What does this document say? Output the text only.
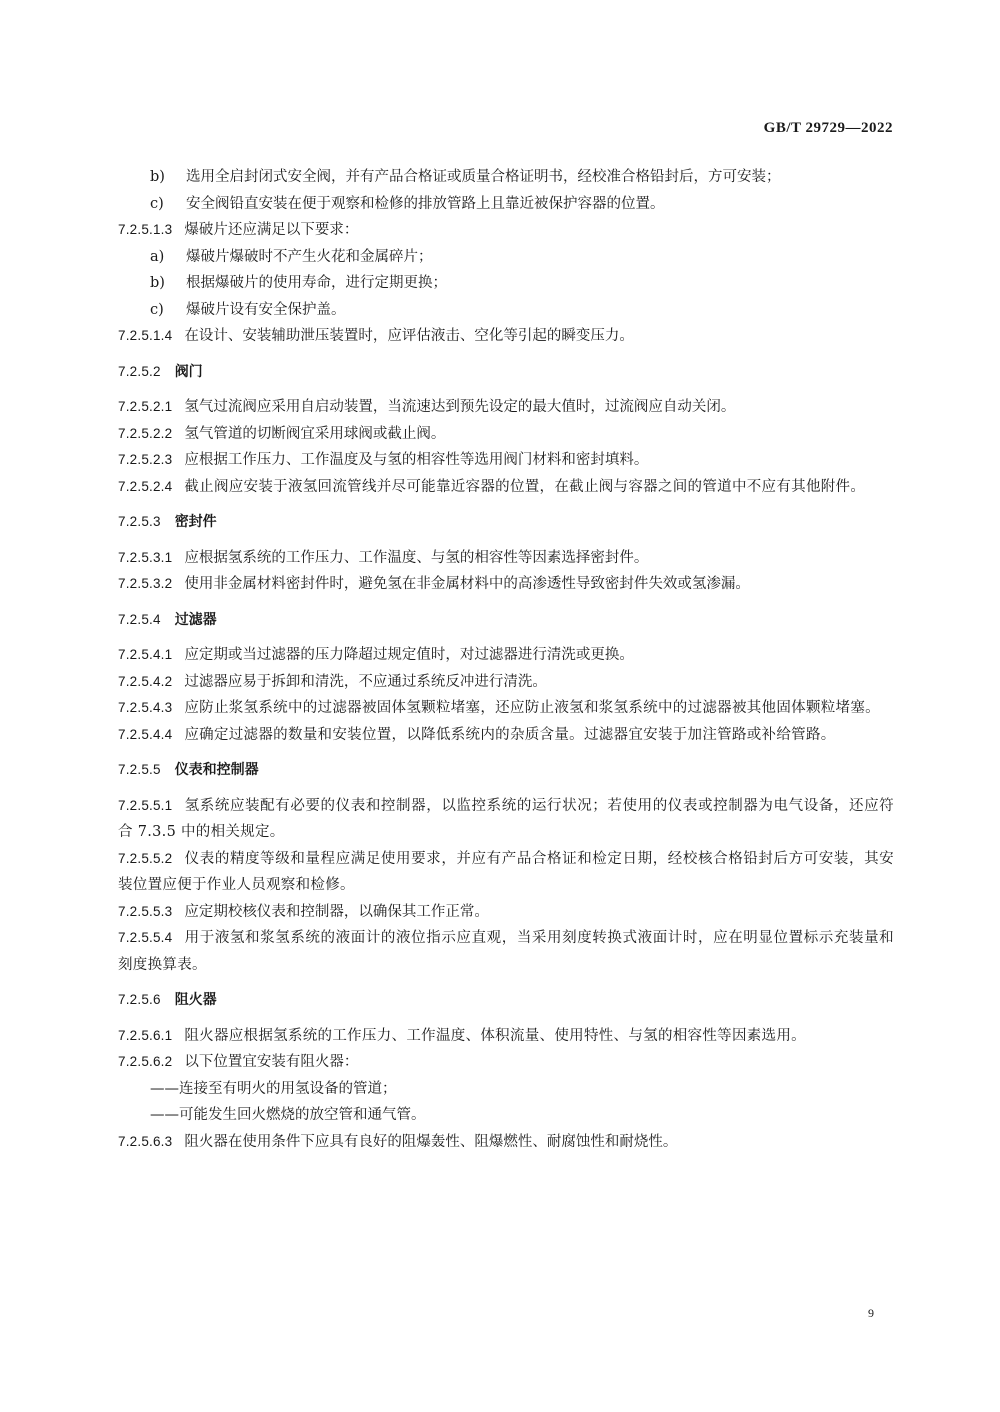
GB/T 29729—2022
b) 选用全启封闭式安全阀，并有产品合格证或质量合格证明书，经校准合格铅封后，方可安装；
c) 安全阀铅直安装在便于观察和检修的排放管路上且靠近被保护容器的位置。
7.2.5.1.3 爆破片还应满足以下要求：
a) 爆破片爆破时不产生火花和金属碎片；
b) 根据爆破片的使用寿命，进行定期更换；
c) 爆破片设有安全保护盖。
7.2.5.1.4 在设计、安装辅助泄压装置时，应评估液击、空化等引起的瞬变压力。
7.2.5.2 阀门
7.2.5.2.1 氢气过流阀应采用自启动装置，当流速达到预先设定的最大值时，过流阀应自动关闭。
7.2.5.2.2 氢气管道的切断阀宜采用球阀或截止阀。
7.2.5.2.3 应根据工作压力、工作温度及与氢的相容性等选用阀门材料和密封填料。
7.2.5.2.4 截止阀应安装于液氢回流管线并尽可能靠近容器的位置，在截止阀与容器之间的管道中不应有其他附件。
7.2.5.3 密封件
7.2.5.3.1 应根据氢系统的工作压力、工作温度、与氢的相容性等因素选择密封件。
7.2.5.3.2 使用非金属材料密封件时，避免氢在非金属材料中的高渗透性导致密封件失效或氢渗漏。
7.2.5.4 过滤器
7.2.5.4.1 应定期或当过滤器的压力降超过规定值时，对过滤器进行清洗或更换。
7.2.5.4.2 过滤器应易于拆卸和清洗，不应通过系统反冲进行清洗。
7.2.5.4.3 应防止浆氢系统中的过滤器被固体氢颗粒堵塞，还应防止液氢和浆氢系统中的过滤器被其他固体颗粒堵塞。
7.2.5.4.4 应确定过滤器的数量和安装位置，以降低系统内的杂质含量。过滤器宜安装于加注管路或补给管路。
7.2.5.5 仪表和控制器
7.2.5.5.1 氢系统应装配有必要的仪表和控制器，以监控系统的运行状况；若使用的仪表或控制器为电气设备，还应符合 7.3.5 中的相关规定。
7.2.5.5.2 仪表的精度等级和量程应满足使用要求，并应有产品合格证和检定日期，经校核合格铅封后方可安装，其安装位置应便于作业人员观察和检修。
7.2.5.5.3 应定期校核仪表和控制器，以确保其工作正常。
7.2.5.5.4 用于液氢和浆氢系统的液面计的液位指示应直观，当采用刻度转换式液面计时，应在明显位置标示充装量和刻度换算表。
7.2.5.6 阻火器
7.2.5.6.1 阻火器应根据氢系统的工作压力、工作温度、体积流量、使用特性、与氢的相容性等因素选用。
7.2.5.6.2 以下位置宜安装有阻火器：
——连接至有明火的用氢设备的管道；
——可能发生回火燃烧的放空管和通气管。
7.2.5.6.3 阻火器在使用条件下应具有良好的阻爆轰性、阻爆燃性、耐腐蚀性和耐烧性。
9
